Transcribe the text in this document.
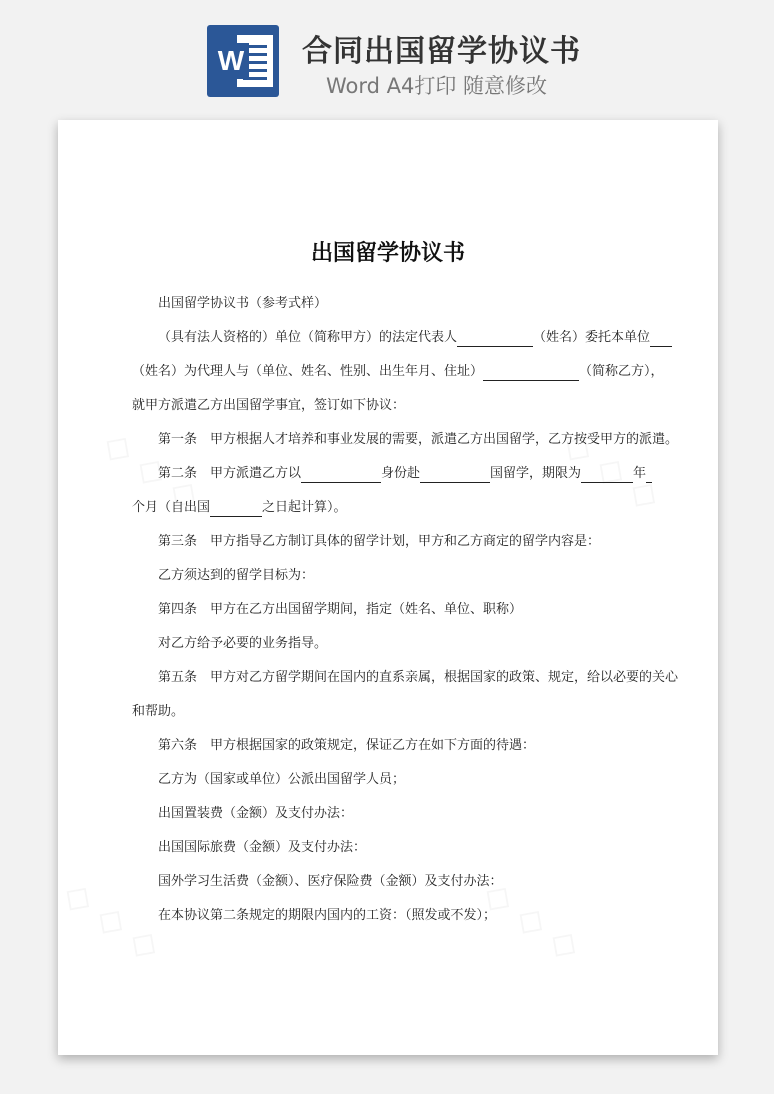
W 合同出国留学协议书
Word A4打印 随意修改
出国留学协议书
出国留学协议书（参考式样）
（具有法人资格的）单位（简称甲方）的法定代表人	（姓名）委托本单位
（姓名）为代理人与（单位、姓名、性别、出生年月、住址）	（简称乙方），
就甲方派遣乙方出国留学事宜，签订如下协议：
第一条　甲方根据人才培养和事业发展的需要，派遣乙方出国留学，乙方按受甲方的派遣。
第二条　甲方派遣乙方以	身份赴	国留学，期限为	年
个月（自出国	之日起计算）。
第三条　甲方指导乙方制订具体的留学计划，甲方和乙方商定的留学内容是：
乙方须达到的留学目标为：
第四条　甲方在乙方出国留学期间，指定（姓名、单位、职称）
对乙方给予必要的业务指导。
第五条　甲方对乙方留学期间在国内的直系亲属，根据国家的政策、规定，给以必要的关心
和帮助。
第六条　甲方根据国家的政策规定，保证乙方在如下方面的待遇：
乙方为（国家或单位）公派出国留学人员；
出国置装费（金额）及支付办法：
出国国际旅费（金额）及支付办法：
国外学习生活费（金额）、医疗保险费（金额）及支付办法：
在本协议第二条规定的期限内国内的工资：（照发或不发）；
